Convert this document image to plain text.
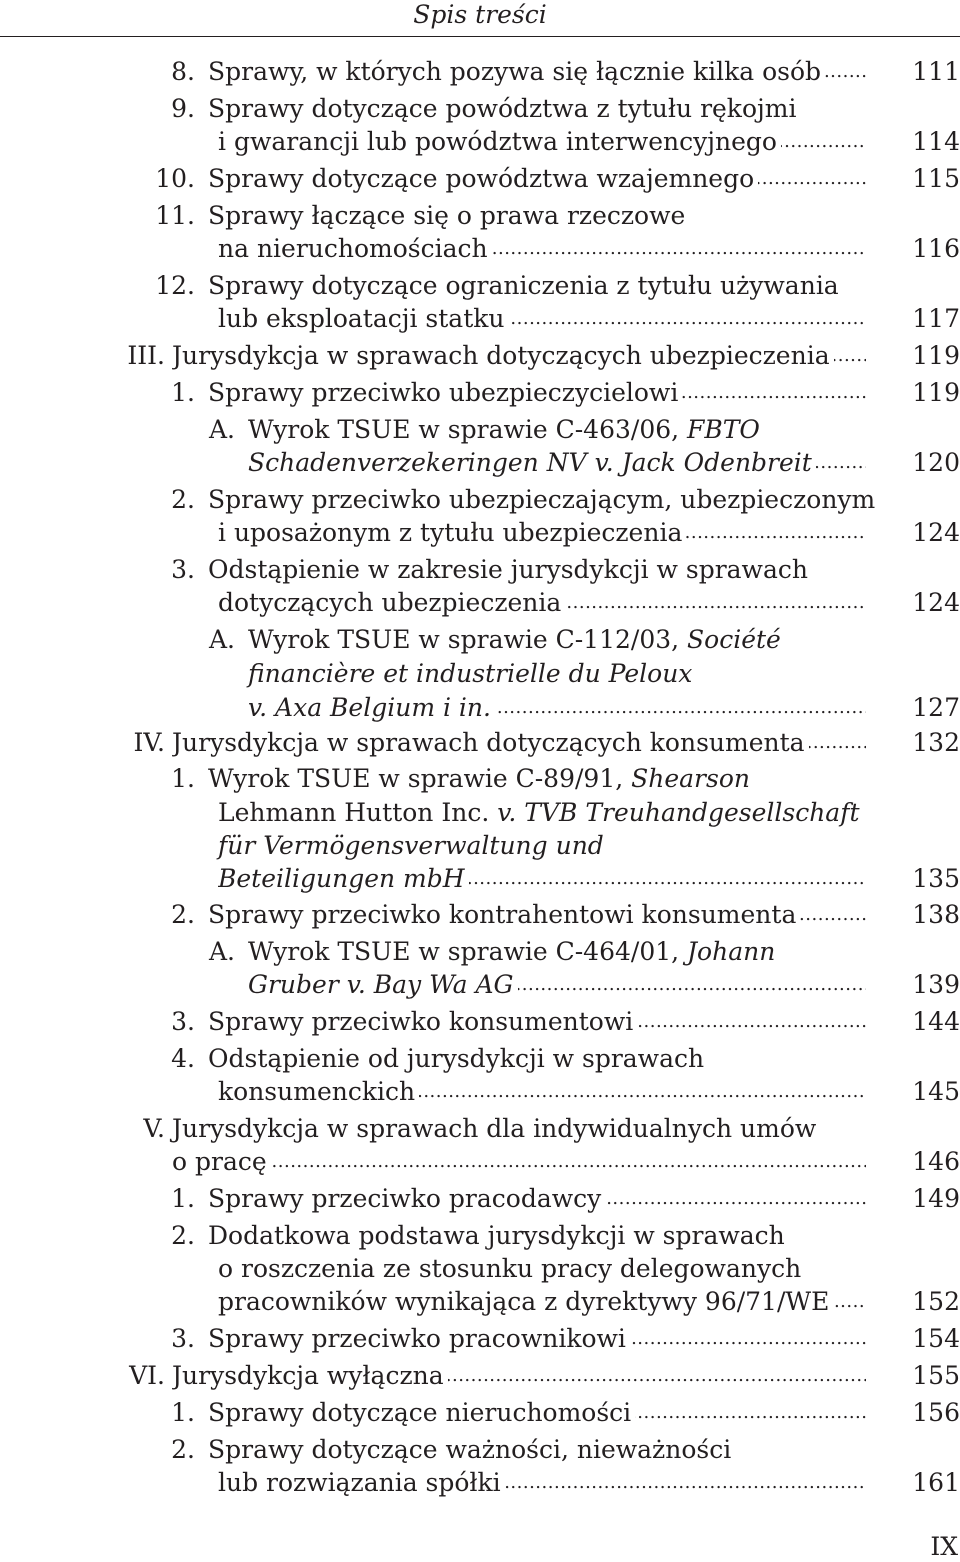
Spis treści
8. Sprawy, w których pozywa się łącznie kilka osób .....	111
9. Sprawy dotyczące powództwa z tytułu rękojmi
i gwarancji lub powództwa interwencyjnego .....	114
10. Sprawy dotyczące powództwa wzajemnego .....	115
11. Sprawy łączące się o prawa rzeczowe
na nieruchomościach .....	116
12. Sprawy dotyczące ograniczenia z tytułu używania
lub eksploatacji statku .....	117
III. Jurysdykcja w sprawach dotyczących ubezpieczenia .....	119
1. Sprawy przeciwko ubezpieczycielowi .....	119
A. Wyrok TSUE w sprawie C-463/06, FBTO
Schadenverzekeringen NV v. Jack Odenbreit .....	120
2. Sprawy przeciwko ubezpieczającym, ubezpieczonym
i uposażonym z tytułu ubezpieczenia .....	124
3. Odstąpienie w zakresie jurysdykcji w sprawach
dotyczących ubezpieczenia .....	124
A. Wyrok TSUE w sprawie C-112/03, Société
financière et industrielle du Peloux
v. Axa Belgium i in. .....	127
IV. Jurysdykcja w sprawach dotyczących konsumenta .....	132
1. Wyrok TSUE w sprawie C-89/91, Shearson
Lehmann Hutton Inc. v. TVB Treuhandgesellschaft
für Vermögensverwaltung und
Beteiligungen mbH .....	135
2. Sprawy przeciwko kontrahentowi konsumenta .....	138
A. Wyrok TSUE w sprawie C-464/01, Johann
Gruber v. Bay Wa AG .....	139
3. Sprawy przeciwko konsumentowi .....	144
4. Odstąpienie od jurysdykcji w sprawach
konsumenckich .....	145
V. Jurysdykcja w sprawach dla indywidualnych umów
o pracę .....	146
1. Sprawy przeciwko pracodawcy .....	149
2. Dodatkowa podstawa jurysdykcji w sprawach
o roszczenia ze stosunku pracy delegowanych
pracowników wynikająca z dyrektywy 96/71/WE .....	152
3. Sprawy przeciwko pracownikowi .....	154
VI. Jurysdykcja wyłączna .....	155
1. Sprawy dotyczące nieruchomości .....	156
2. Sprawy dotyczące ważności, nieważności
lub rozwiązania spółki .....	161
IX
